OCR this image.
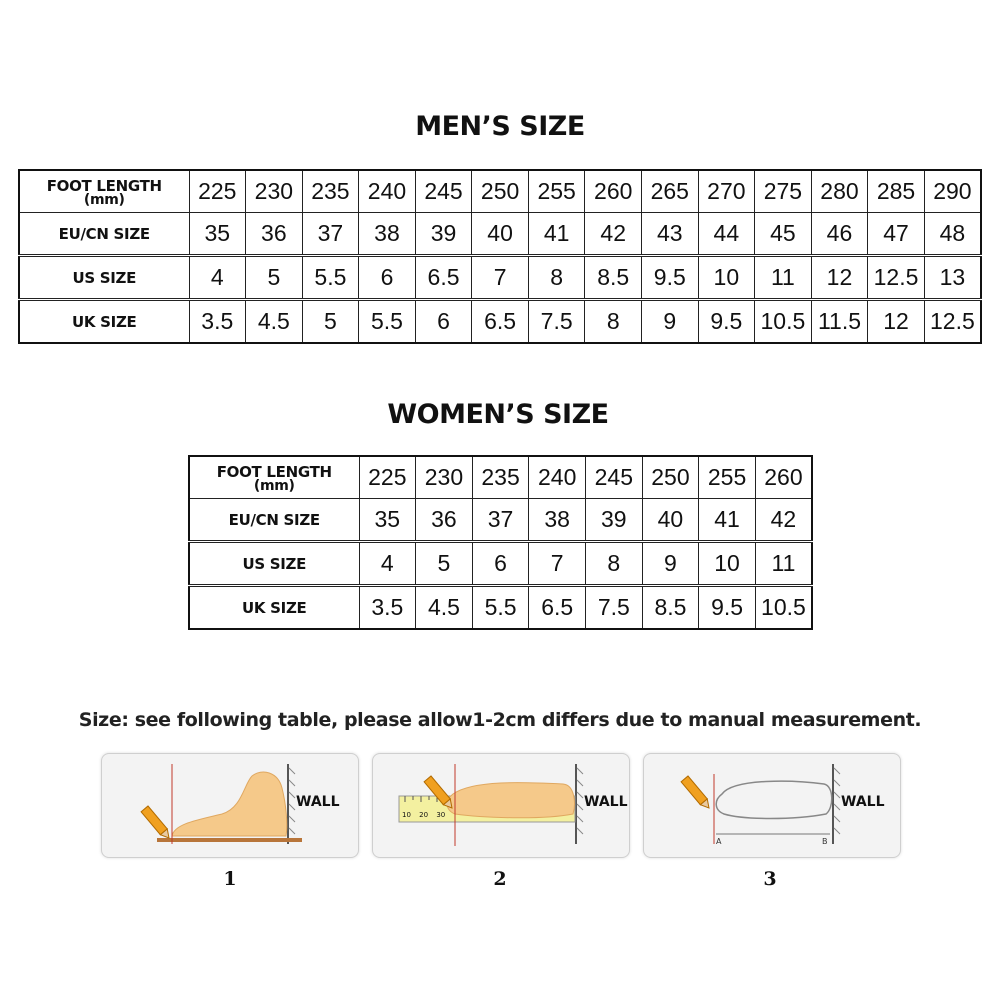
MEN’S SIZE
FOOT LENGTH
(mm)	225	230	235	240	245	250	255	260	265	270	275	280	285	290

EU/CN SIZE	35	36	37	38	39	40	41	42	43	44	45	46	47	48

US SIZE	4	5	5.5	6	6.5	7	8	8.5	9.5	10	11	12	12.5	13

UK SIZE	3.5	4.5	5	5.5	6	6.5	7.5	8	9	9.5	10.5	11.5	12	12.5
WOMEN’S SIZE
FOOT LENGTH
(mm)	225	230	235	240	245	250	255	260

EU/CN SIZE	35	36	37	38	39	40	41	42

US SIZE	4	5	6	7	8	9	10	11

UK SIZE	3.5	4.5	5.5	6.5	7.5	8.5	9.5	10.5
Size: see following table, please allow1-2cm differs due to manual measurement.
WALL
10 20 30
WALL
A	B
WALL
1	2	3
